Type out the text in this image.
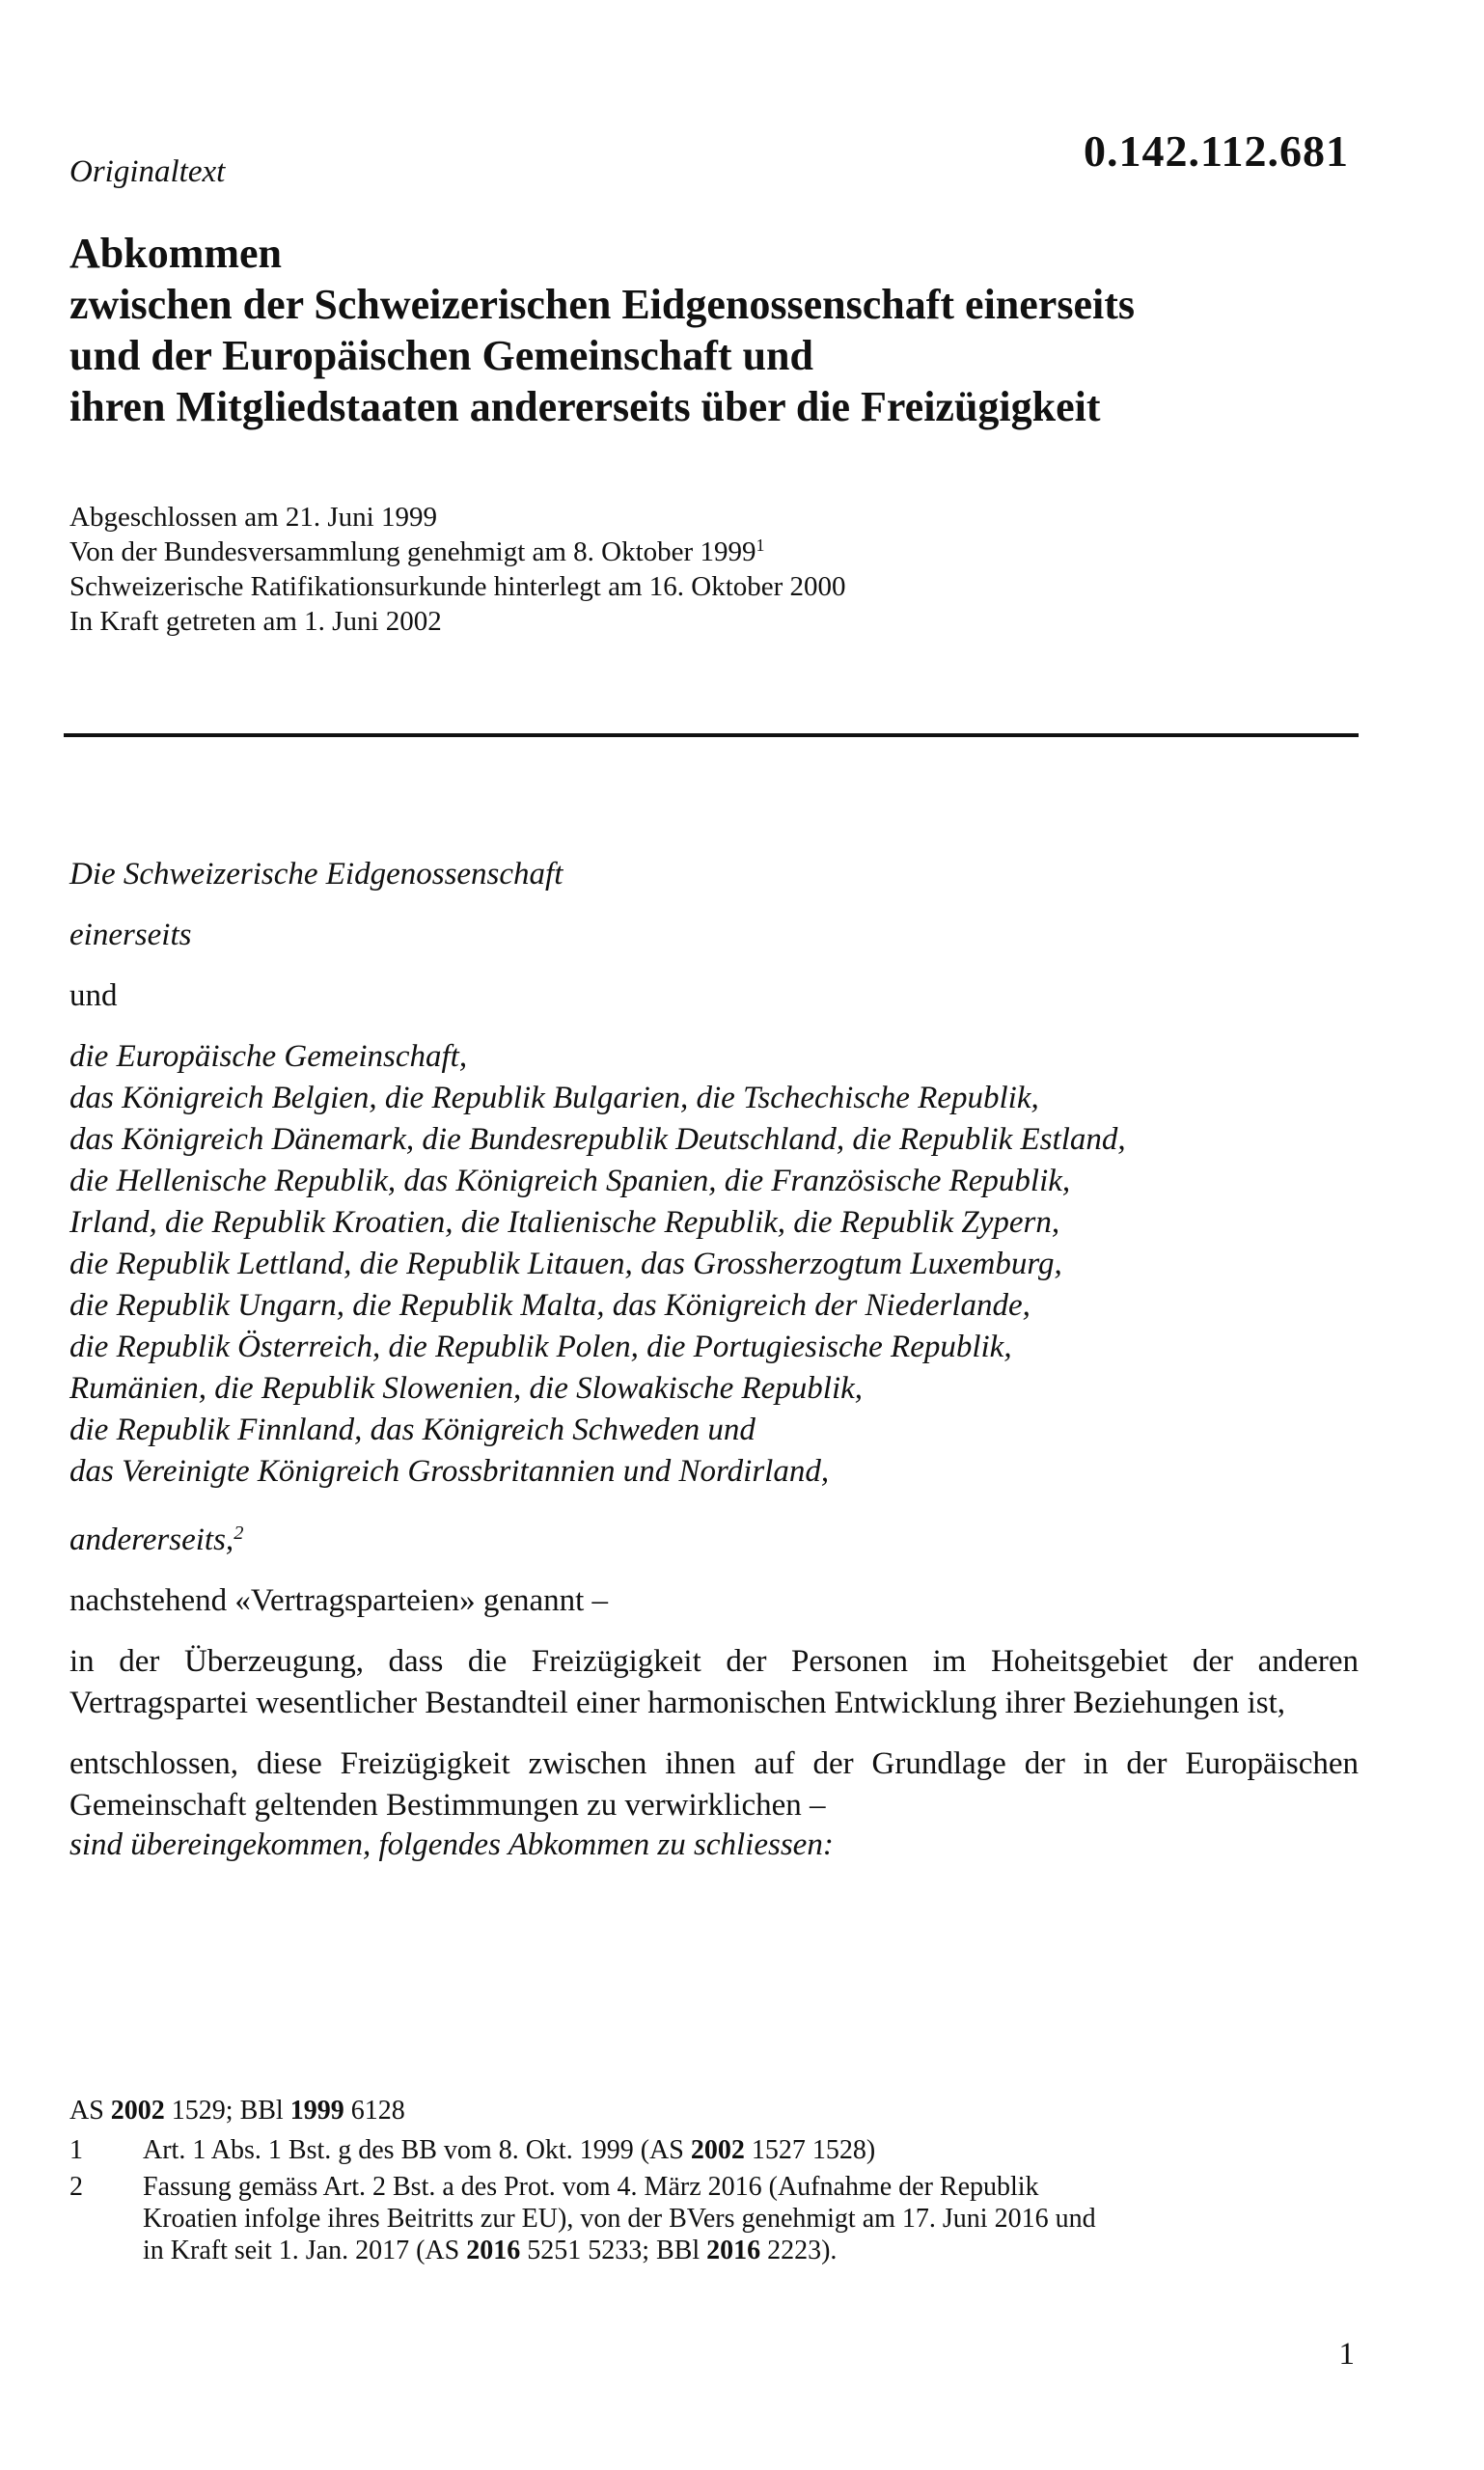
Originaltext	0.142.112.681
Abkommen
zwischen der Schweizerischen Eidgenossenschaft einerseits
und der Europäischen Gemeinschaft und
ihren Mitgliedstaaten andererseits über die Freizügigkeit
Abgeschlossen am 21. Juni 1999
Von der Bundesversammlung genehmigt am 8. Oktober 1999$^1$
Schweizerische Ratifikationsurkunde hinterlegt am 16. Oktober 2000
In Kraft getreten am 1. Juni 2002
Die Schweizerische Eidgenossenschaft
einerseits
und
die Europäische Gemeinschaft,
das Königreich Belgien, die Republik Bulgarien, die Tschechische Republik,
das Königreich Dänemark, die Bundesrepublik Deutschland, die Republik Estland,
die Hellenische Republik, das Königreich Spanien, die Französische Republik,
Irland, die Republik Kroatien, die Italienische Republik, die Republik Zypern,
die Republik Lettland, die Republik Litauen, das Grossherzogtum Luxemburg,
die Republik Ungarn, die Republik Malta, das Königreich der Niederlande,
die Republik Österreich, die Republik Polen, die Portugiesische Republik,
Rumänien, die Republik Slowenien, die Slowakische Republik,
die Republik Finnland, das Königreich Schweden und
das Vereinigte Königreich Grossbritannien und Nordirland,
andererseits,$^2$
nachstehend «Vertragsparteien» genannt –
in der Überzeugung, dass die Freizügigkeit der Personen im Hoheitsgebiet der anderen Vertragspartei wesentlicher Bestandteil einer harmonischen Entwicklung ihrer Beziehungen ist,
entschlossen, diese Freizügigkeit zwischen ihnen auf der Grundlage der in der Europäischen Gemeinschaft geltenden Bestimmungen zu verwirklichen –
sind übereingekommen, folgendes Abkommen zu schliessen:
AS 2002 1529; BBl 1999 6128
1	Art. 1 Abs. 1 Bst. g des BB vom 8. Okt. 1999 (AS 2002 1527 1528)
2	Fassung gemäss Art. 2 Bst. a des Prot. vom 4. März 2016 (Aufnahme der Republik
Kroatien infolge ihres Beitritts zur EU), von der BVers genehmigt am 17. Juni 2016 und
in Kraft seit 1. Jan. 2017 (AS 2016 5251 5233; BBl 2016 2223).
1
